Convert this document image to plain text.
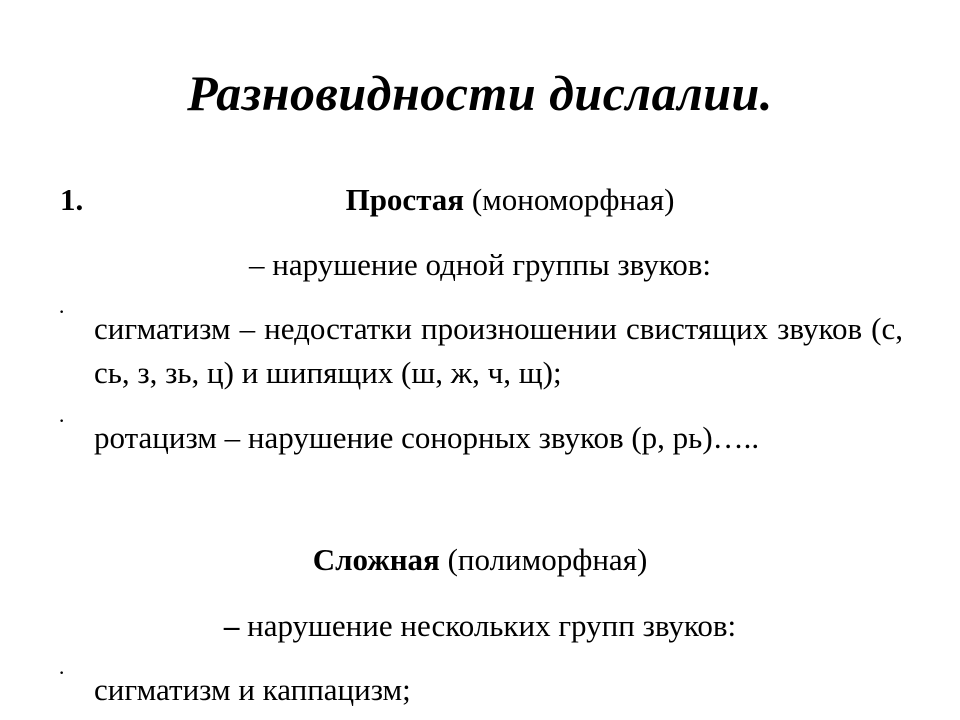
Разновидности дислалии.
1.	Простая (мономорфная)
– нарушение одной группы звуков:
· сигматизм – недостатки произношении свистящих звуков (с, сь, з, зь, ц) и шипящих (ш, ж, ч, щ);
· ротацизм – нарушение сонорных звуков (р, рь)…..
Сложная (полиморфная)
– нарушение нескольких групп звуков:
· сигматизм и каппацизм;
